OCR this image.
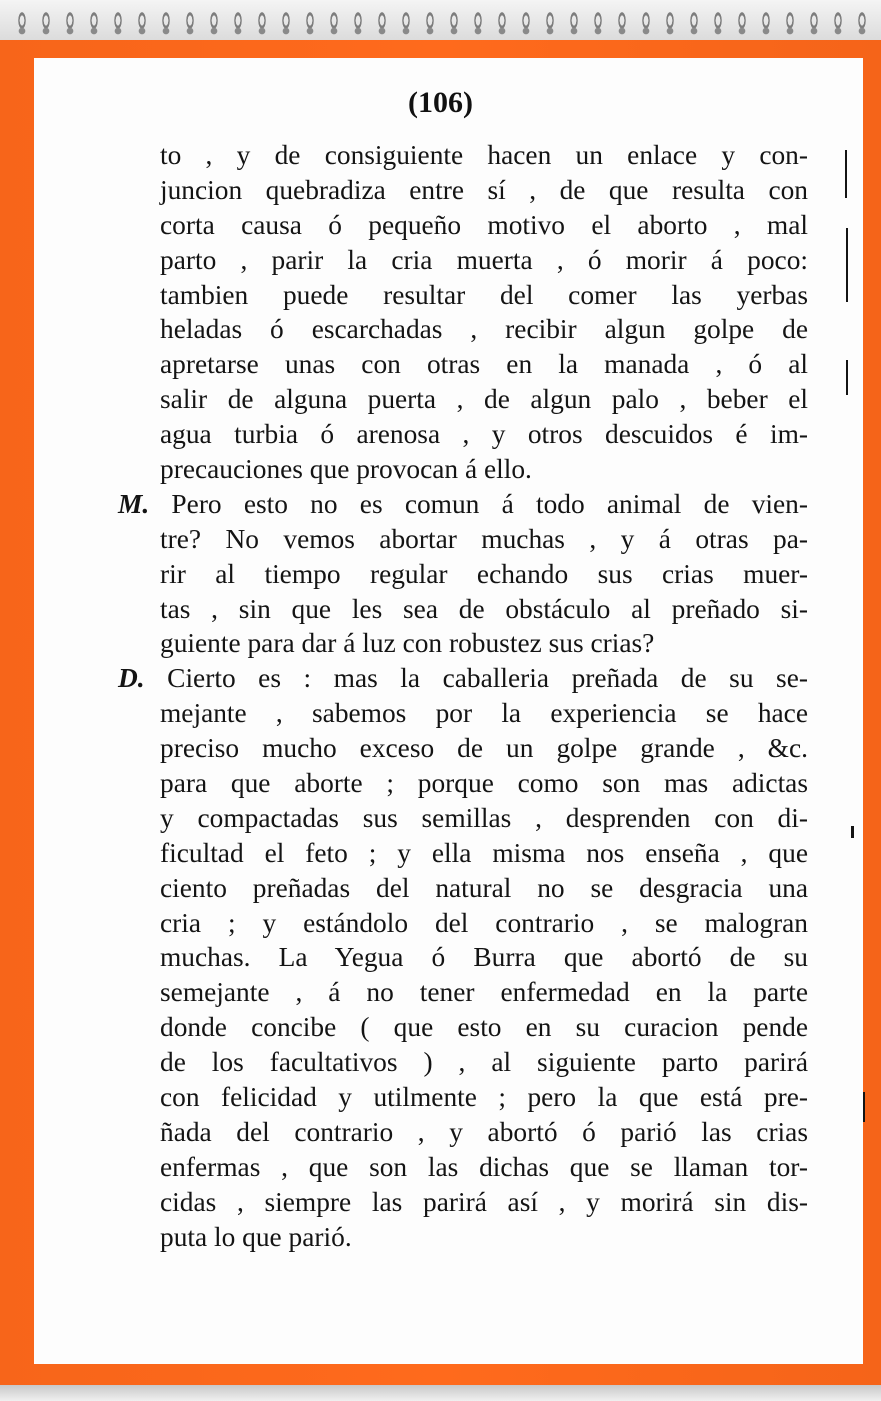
(106)
to , y de consiguiente hacen un enlace y con-
juncion quebradiza entre sí , de que resulta con
corta causa ó pequeño motivo el aborto , mal
parto , parir la cria muerta , ó morir á poco:
tambien puede resultar del comer las yerbas
heladas ó escarchadas , recibir algun golpe de
apretarse unas con otras en la manada , ó al
salir de alguna puerta , de algun palo , beber el
agua turbia ó arenosa , y otros descuidos é im-
precauciones que provocan á ello.
M. Pero esto no es comun á todo animal de vien-
tre? No vemos abortar muchas , y á otras pa-
rir al tiempo regular echando sus crias muer-
tas , sin que les sea de obstáculo al preñado si-
guiente para dar á luz con robustez sus crias?
D. Cierto es : mas la caballeria preñada de su se-
mejante , sabemos por la experiencia se hace
preciso mucho exceso de un golpe grande , &c.
para que aborte ; porque como son mas adictas
y compactadas sus semillas , desprenden con di-
ficultad el feto ; y ella misma nos enseña , que
ciento preñadas del natural no se desgracia una
cria ; y estándolo del contrario , se malogran
muchas. La Yegua ó Burra que abortó de su
semejante , á no tener enfermedad en la parte
donde concibe ( que esto en su curacion pende
de los facultativos ) , al siguiente parto parirá
con felicidad y utilmente ; pero la que está pre-
ñada del contrario , y abortó ó parió las crias
enfermas , que son las dichas que se llaman tor-
cidas , siempre las parirá así , y morirá sin dis-
puta lo que parió.
